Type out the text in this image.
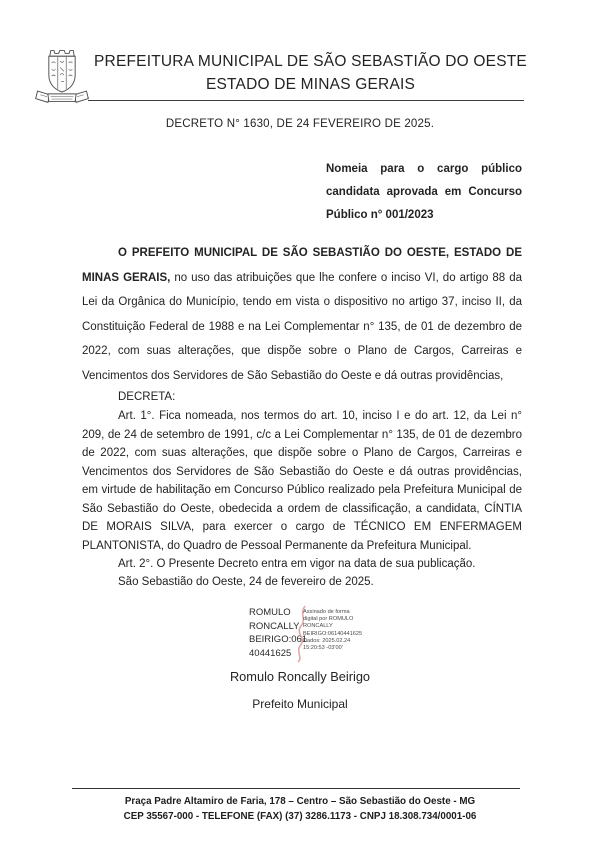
PREFEITURA MUNICIPAL DE SÃO SEBASTIÃO DO OESTE
ESTADO DE MINAS GERAIS
DECRETO N° 1630, DE 24 FEVEREIRO DE 2025.
Nomeia para o cargo público candidata aprovada em Concurso Público n° 001/2023

O PREFEITO MUNICIPAL DE SÃO SEBASTIÃO DO OESTE, ESTADO DE MINAS GERAIS, no uso das atribuições que lhe confere o inciso VI, do artigo 88 da Lei da Orgânica do Município, tendo em vista o dispositivo no artigo 37, inciso II, da Constituição Federal de 1988 e na Lei Complementar n° 135, de 01 de dezembro de 2022, com suas alterações, que dispõe sobre o Plano de Cargos, Carreiras e Vencimentos dos Servidores de São Sebastião do Oeste e dá outras providências,

DECRETA:

Art. 1°. Fica nomeada, nos termos do art. 10, inciso I e do art. 12, da Lei n° 209, de 24 de setembro de 1991, c/c a Lei Complementar n° 135, de 01 de dezembro de 2022, com suas alterações, que dispõe sobre o Plano de Cargos, Carreiras e Vencimentos dos Servidores de São Sebastião do Oeste e dá outras providências, em virtude de habilitação em Concurso Público realizado pela Prefeitura Municipal de São Sebastião do Oeste, obedecida a ordem de classificação, a candidata, CÍNTIA DE MORAIS SILVA, para exercer o cargo de TÉCNICO EM ENFERMAGEM PLANTONISTA, do Quadro de Pessoal Permanente da Prefeitura Municipal.

Art. 2°. O Presente Decreto entra em vigor na data de sua publicação.

São Sebastião do Oeste, 24 de fevereiro de 2025.

ROMULO
RONCALLY
BEIRIGO:061
40441625
Assinado de forma
digital por ROMULO
RONCALLY
BEIRIGO:06140441625
Dados: 2025.02.24
15:20:53 -03'00'
Romulo Roncally Beirigo
Prefeito Municipal
Praça Padre Altamiro de Faria, 178 – Centro – São Sebastião do Oeste - MG
CEP 35567-000 - TELEFONE (FAX) (37) 3286.1173 - CNPJ 18.308.734/0001-06
